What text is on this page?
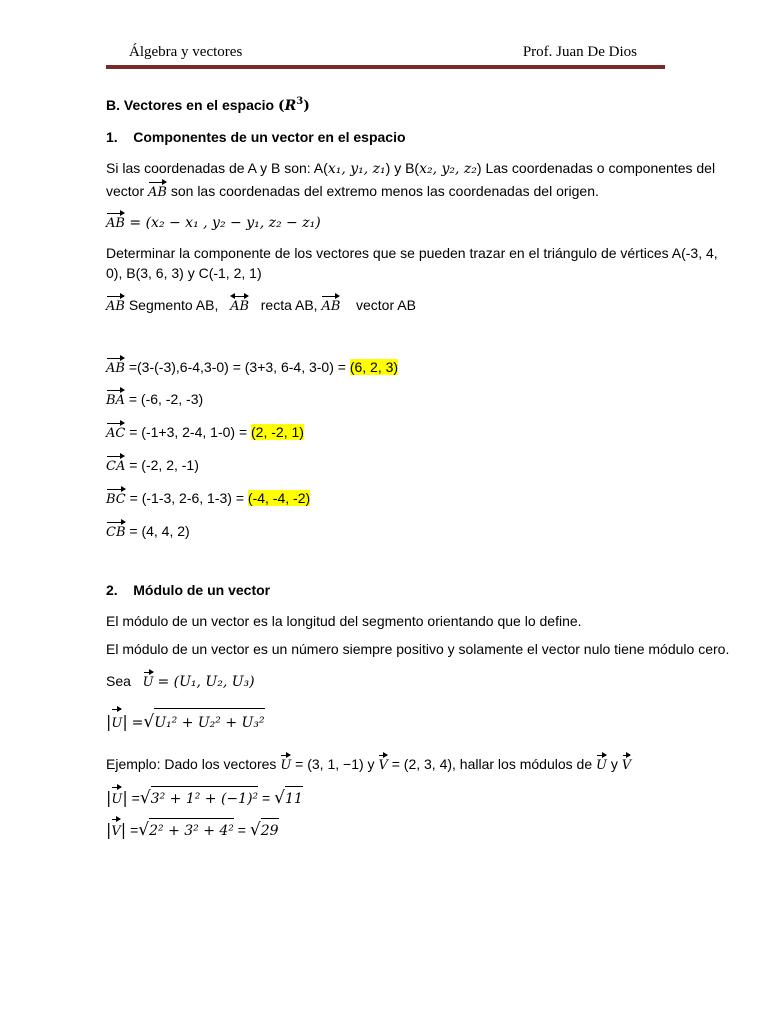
Álgebra y vectores	Prof. Juan De Dios
B. Vectores en el espacio $(R^3)$
1.    Componentes de un vector en el espacio
Si las coordenadas de A y B son: A(x₁, y₁, z₁) y B(x₂, y₂, z₂) Las coordenadas o componentes del
vector AB son las coordenadas del extremo menos las coordenadas del origen.
AB = (x₂ − x₁ , y₂ − y₁, z₂ − z₁)
Determinar la componente de los vectores que se pueden trazar en el triángulo de vértices A(-3, 4,
0), B(3, 6, 3) y C(-1, 2, 1)
AB Segmento AB, AB recta AB, AB vector AB
AB =(3-(-3),6-4,3-0) = (3+3, 6-4, 3-0) = (6, 2, 3)
BA = (-6, -2, -3)
AC = (-1+3, 2-4, 1-0) = (2, -2, 1)
CA = (-2, 2, -1)
BC = (-1-3, 2-6, 1-3) = (-4, -4, -2)
CB = (4, 4, 2)
2.    Módulo de un vector
El módulo de un vector es la longitud del segmento orientando que lo define.
El módulo de un vector es un número siempre positivo y solamente el vector nulo tiene módulo cero.
Sea U = (U₁, U₂, U₃)
|U| =√U₁² + U₂² + U₃²
Ejemplo: Dado los vectores U = (3, 1, −1) y V = (2, 3, 4), hallar los módulos de U y V
|U| =√3² + 1² + (−1)² = √11
|V| =√2² + 3² + 4² = √29
